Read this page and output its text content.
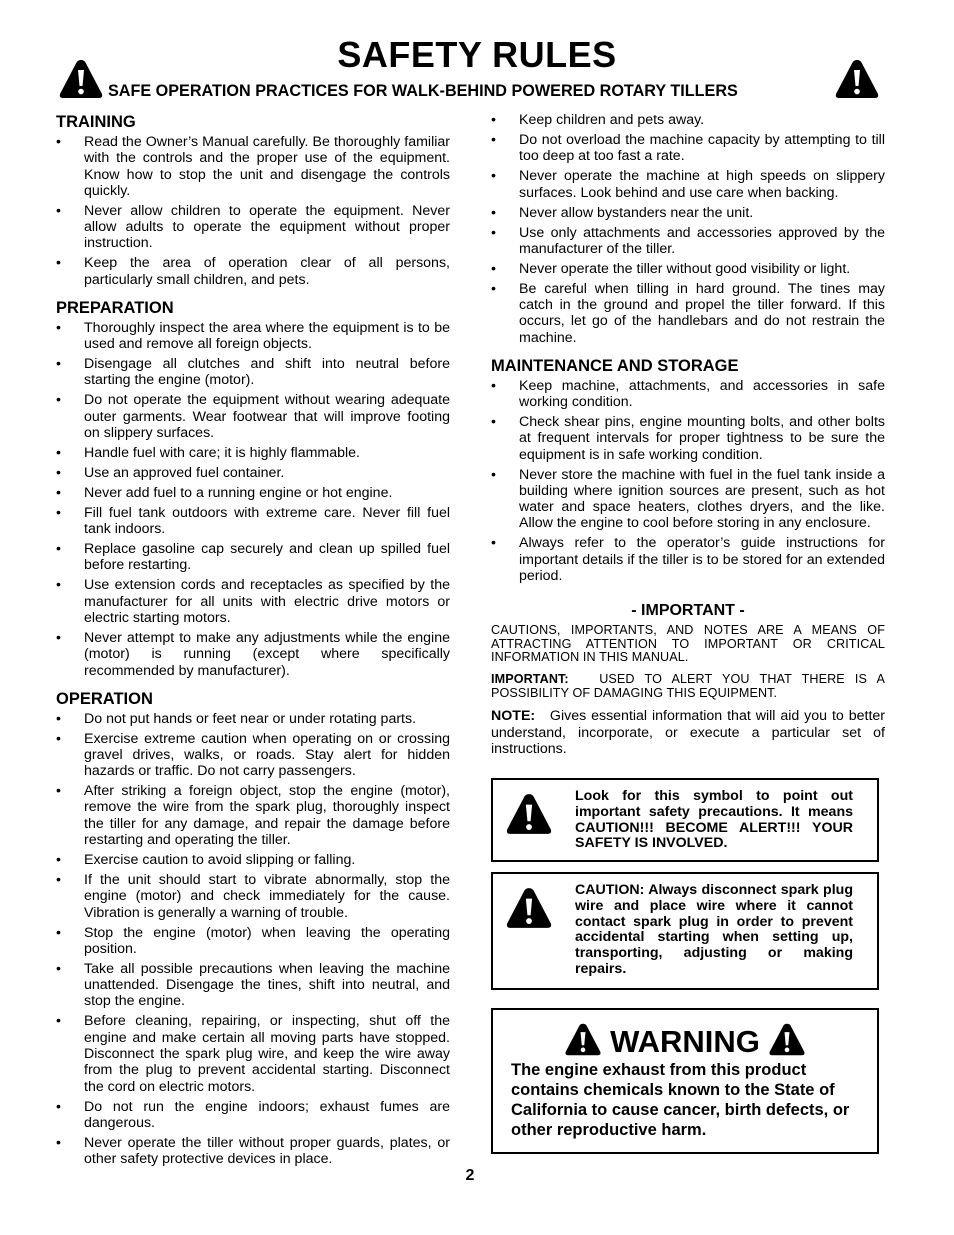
SAFETY RULES
SAFE OPERATION PRACTICES FOR WALK-BEHIND POWERED ROTARY TILLERS
TRAINING
• Read the Owner’s Manual carefully. Be thoroughly familiar with the controls and the proper use of the equipment. Know how to stop the unit and disengage the controls quickly.
• Never allow children to operate the equipment. Never allow adults to operate the equipment without proper instruction.
• Keep the area of operation clear of all persons, particularly small children, and pets.
PREPARATION
• Thoroughly inspect the area where the equipment is to be used and remove all foreign objects.
• Disengage all clutches and shift into neutral before starting the engine (motor).
• Do not operate the equipment without wearing adequate outer garments. Wear footwear that will improve footing on slippery surfaces.
• Handle fuel with care; it is highly flammable.
• Use an approved fuel container.
• Never add fuel to a running engine or hot engine.
• Fill fuel tank outdoors with extreme care. Never fill fuel tank indoors.
• Replace gasoline cap securely and clean up spilled fuel before restarting.
• Use extension cords and receptacles as specified by the manufacturer for all units with electric drive motors or electric starting motors.
• Never attempt to make any adjustments while the engine (motor) is running (except where specifically recommended by manufacturer).
OPERATION
• Do not put hands or feet near or under rotating parts.
• Exercise extreme caution when operating on or crossing gravel drives, walks, or roads. Stay alert for hidden hazards or traffic. Do not carry passengers.
• After striking a foreign object, stop the engine (motor), remove the wire from the spark plug, thoroughly inspect the tiller for any damage, and repair the damage before restarting and operating the tiller.
• Exercise caution to avoid slipping or falling.
• If the unit should start to vibrate abnormally, stop the engine (motor) and check immediately for the cause. Vibration is generally a warning of trouble.
• Stop the engine (motor) when leaving the operating position.
• Take all possible precautions when leaving the machine unattended. Disengage the tines, shift into neutral, and stop the engine.
• Before cleaning, repairing, or inspecting, shut off the engine and make certain all moving parts have stopped. Disconnect the spark plug wire, and keep the wire away from the plug to prevent accidental starting. Disconnect the cord on electric motors.
• Do not run the engine indoors; exhaust fumes are dangerous.
• Never operate the tiller without proper guards, plates, or other safety protective devices in place.
• Keep children and pets away.
• Do not overload the machine capacity by attempting to till too deep at too fast a rate.
• Never operate the machine at high speeds on slippery surfaces. Look behind and use care when backing.
• Never allow bystanders near the unit.
• Use only attachments and accessories approved by the manufacturer of the tiller.
• Never operate the tiller without good visibility or light.
• Be careful when tilling in hard ground. The tines may catch in the ground and propel the tiller forward. If this occurs, let go of the handlebars and do not restrain the machine.
MAINTENANCE AND STORAGE
• Keep machine, attachments, and accessories in safe working condition.
• Check shear pins, engine mounting bolts, and other bolts at frequent intervals for proper tightness to be sure the equipment is in safe working condition.
• Never store the machine with fuel in the fuel tank inside a building where ignition sources are present, such as hot water and space heaters, clothes dryers, and the like. Allow the engine to cool before storing in any enclosure.
• Always refer to the operator’s guide instructions for important details if the tiller is to be stored for an extended period.
- IMPORTANT -

CAUTIONS, IMPORTANTS, AND NOTES ARE A MEANS OF ATTRACTING ATTENTION TO IMPORTANT OR CRITICAL INFORMATION IN THIS MANUAL.

IMPORTANT: USED TO ALERT YOU THAT THERE IS A POSSIBILITY OF DAMAGING THIS EQUIPMENT.

NOTE: Gives essential information that will aid you to better understand, incorporate, or execute a particular set of instructions.

Look for this symbol to point out important safety precautions. It means CAUTION!!! BECOME ALERT!!! YOUR SAFETY IS INVOLVED.
CAUTION: Always disconnect spark plug wire and place wire where it cannot contact spark plug in order to prevent accidental starting when setting up, transporting, adjusting or making repairs.
WARNING
The engine exhaust from this product contains chemicals known to the State of California to cause cancer, birth defects, or other reproductive harm.
2
